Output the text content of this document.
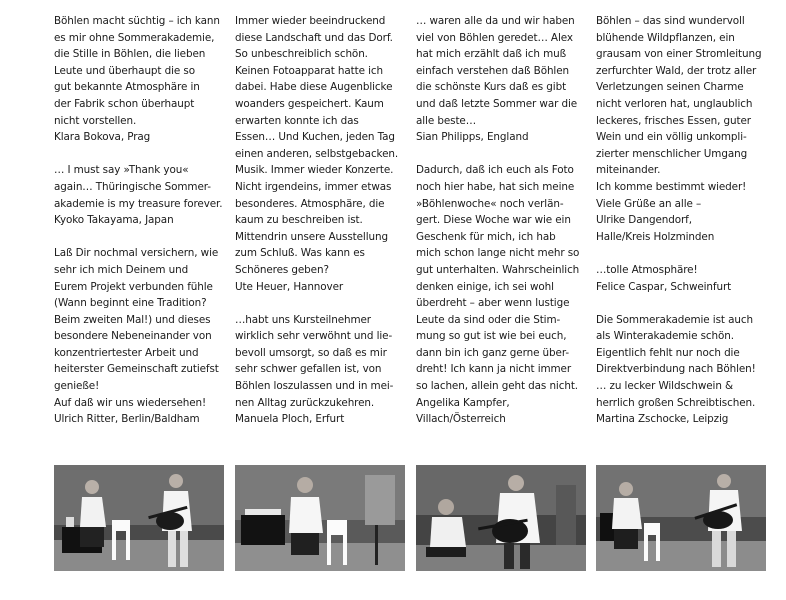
Böhlen macht süchtig – ich kann
es mir ohne Sommerakademie,
die Stille in Böhlen, die lieben
Leute und überhaupt die so
gut bekannte Atmosphäre in
der Fabrik schon überhaupt
nicht vorstellen.
Klara Bokova, Prag

… I must say »Thank you«
again… Thüringische Sommer-
akademie is my treasure forever.
Kyoko Takayama, Japan

Laß Dir nochmal versichern, wie
sehr ich mich Deinem und
Eurem Projekt verbunden fühle
(Wann beginnt eine Tradition?
Beim zweiten Mal!) und dieses
besondere Nebeneinander von
konzentriertester Arbeit und
heiterster Gemeinschaft zutiefst
genieße!
Auf daß wir uns wiedersehen!
Ulrich Ritter, Berlin/Baldham

Immer wieder beeindruckend
diese Landschaft und das Dorf.
So unbeschreiblich schön.
Keinen Fotoapparat hatte ich
dabei. Habe diese Augenblicke
woanders gespeichert. Kaum
erwarten konnte ich das
Essen… Und Kuchen, jeden Tag
einen anderen, selbstgebacken.
Musik. Immer wieder Konzerte.
Nicht irgendeins, immer etwas
besonderes. Atmosphäre, die
kaum zu beschreiben ist.
Mittendrin unsere Ausstellung
zum Schluß. Was kann es
Schöneres geben?
Ute Heuer, Hannover

…habt uns Kursteilnehmer
wirklich sehr verwöhnt und lie-
bevoll umsorgt, so daß es mir
sehr schwer gefallen ist, von
Böhlen loszulassen und in mei-
nen Alltag zurückzukehren.
Manuela Ploch, Erfurt

… waren alle da und wir haben
viel von Böhlen geredet… Alex
hat mich erzählt daß ich muß
einfach verstehen daß Böhlen
die schönste Kurs daß es gibt
und daß letzte Sommer war die
alle beste…
Sian Philipps, England

Dadurch, daß ich euch als Foto
noch hier habe, hat sich meine
»Böhlenwoche« noch verlän-
gert. Diese Woche war wie ein
Geschenk für mich, ich hab
mich schon lange nicht mehr so
gut unterhalten. Wahrscheinlich
denken einige, ich sei wohl
überdreht – aber wenn lustige
Leute da sind oder die Stim-
mung so gut ist wie bei euch,
dann bin ich ganz gerne über-
dreht! Ich kann ja nicht immer
so lachen, allein geht das nicht.
Angelika Kampfer,
Villach/Österreich

Böhlen – das sind wundervoll
blühende Wildpflanzen, ein
grausam von einer Stromleitung
zerfurchter Wald, der trotz aller
Verletzungen seinen Charme
nicht verloren hat, unglaublich
leckeres, frisches Essen, guter
Wein und ein völlig unkompli-
zierter menschlicher Umgang
miteinander.
Ich komme bestimmt wieder!
Viele Grüße an alle –
Ulrike Dangendorf,
Halle/Kreis Holzminden

…tolle Atmosphäre!
Felice Caspar, Schweinfurt

Die Sommerakademie ist auch
als Winterakademie schön.
Eigentlich fehlt nur noch die
Direktverbindung nach Böhlen!
… zu lecker Wildschwein &
herrlich großen Schreibtischen.
Martina Zschocke, Leipzig
